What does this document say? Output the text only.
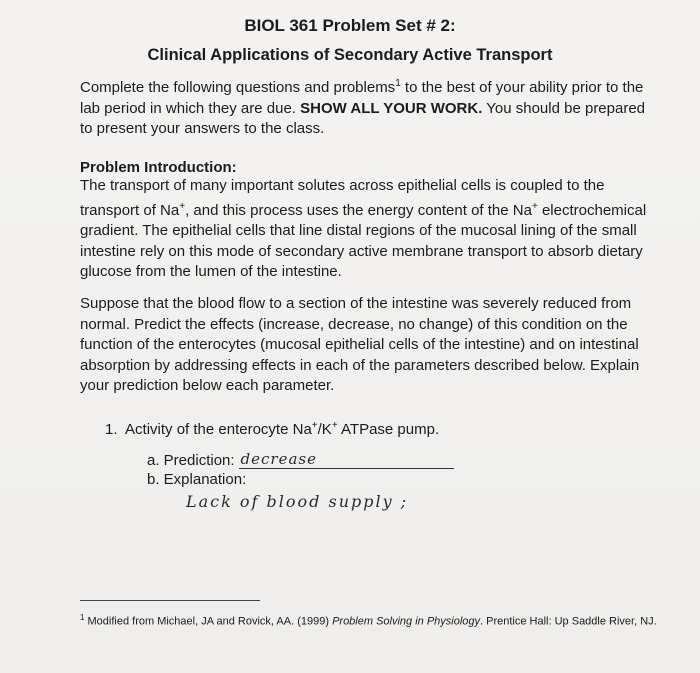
BIOL 361 Problem Set # 2:
Clinical Applications of Secondary Active Transport
Complete the following questions and problems$^1$ to the best of your ability prior to the lab period in which they are due. SHOW ALL YOUR WORK. You should be prepared to present your answers to the class.
Problem Introduction:
The transport of many important solutes across epithelial cells is coupled to the transport of Na+, and this process uses the energy content of the Na+ electrochemical gradient. The epithelial cells that line distal regions of the mucosal lining of the small intestine rely on this mode of secondary active membrane transport to absorb dietary glucose from the lumen of the intestine.
Suppose that the blood flow to a section of the intestine was severely reduced from normal. Predict the effects (increase, decrease, no change) of this condition on the function of the enterocytes (mucosal epithelial cells of the intestine) and on intestinal absorption by addressing effects in each of the parameters described below. Explain your prediction below each parameter.
1. Activity of the enterocyte Na+/K+ ATPase pump.
a. Prediction: decrease
b. Explanation:
Lack of blood supply ;
$^1$ Modified from Michael, JA and Rovick, AA. (1999) Problem Solving in Physiology. Prentice Hall: Up Saddle River, NJ.
